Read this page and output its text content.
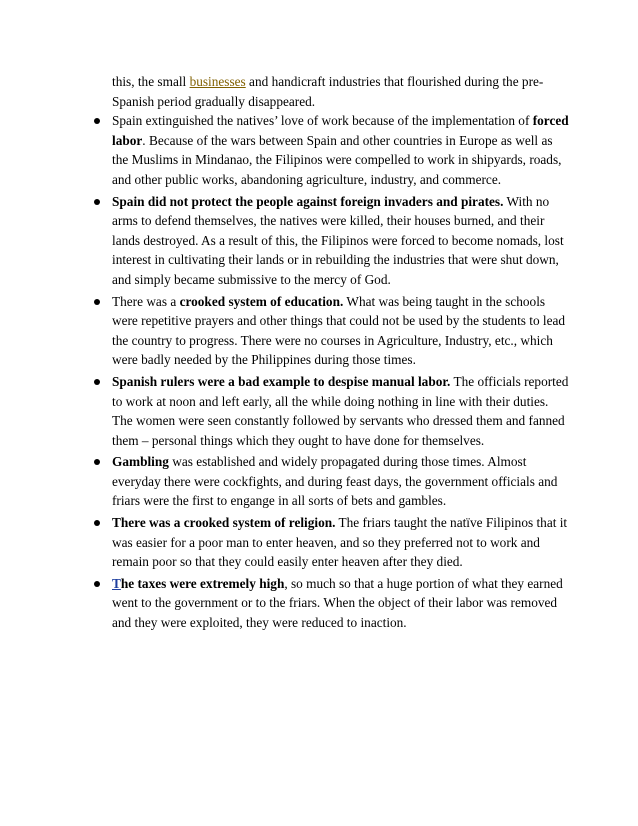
this, the small businesses and handicraft industries that flourished during the pre-Spanish period gradually disappeared.

Spain extinguished the natives’ love of work because of the implementation of forced labor. Because of the wars between Spain and other countries in Europe as well as the Muslims in Mindanao, the Filipinos were compelled to work in shipyards, roads, and other public works, abandoning agriculture, industry, and commerce.
Spain did not protect the people against foreign invaders and pirates. With no arms to defend themselves, the natives were killed, their houses burned, and their lands destroyed. As a result of this, the Filipinos were forced to become nomads, lost interest in cultivating their lands or in rebuilding the industries that were shut down, and simply became submissive to the mercy of God.
There was a crooked system of education. What was being taught in the schools were repetitive prayers and other things that could not be used by the students to lead the country to progress. There were no courses in Agriculture, Industry, etc., which were badly needed by the Philippines during those times.
Spanish rulers were a bad example to despise manual labor. The officials reported to work at noon and left early, all the while doing nothing in line with their duties. The women were seen constantly followed by servants who dressed them and fanned them – personal things which they ought to have done for themselves.
Gambling was established and widely propagated during those times. Almost everyday there were cockfights, and during feast days, the government officials and friars were the first to engange in all sorts of bets and gambles.
There was a crooked system of religion. The friars taught the natïve Filipinos that it was easier for a poor man to enter heaven, and so they preferred not to work and remain poor so that they could easily enter heaven after they died.
The taxes were extremely high, so much so that a huge portion of what they earned went to the government or to the friars. When the object of their labor was removed and they were exploited, they were reduced to inaction.
